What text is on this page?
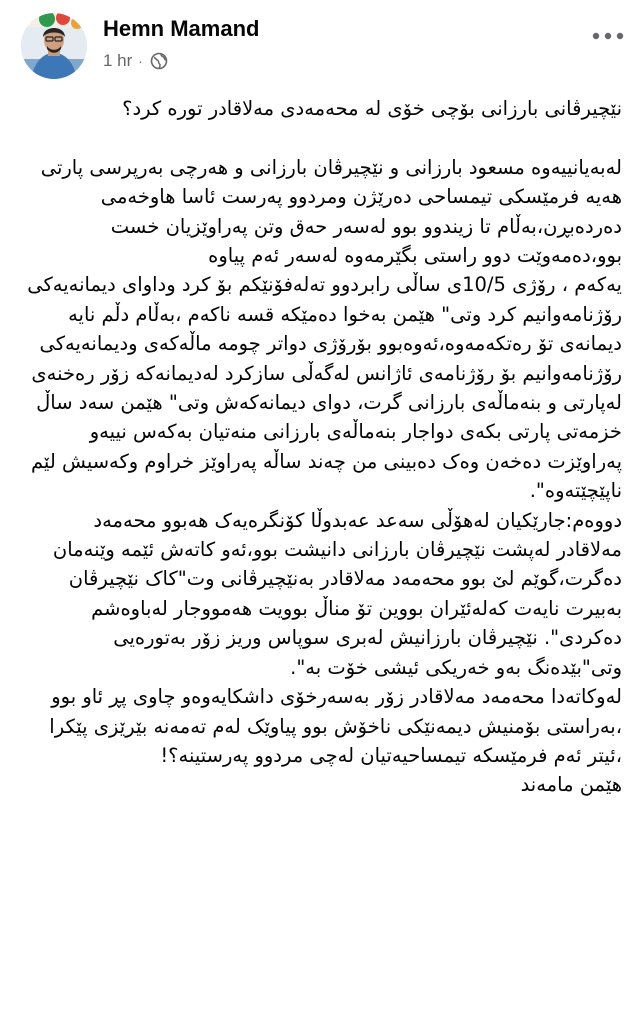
Hemn Mamand
1 hr ·

نێچیرڤانی بارزانی بۆچی خۆی لە محەمەدی مەلاقادر تورە کرد؟

لەبەیانییەوە مسعود بارزانی و نێچیرڤان بارزانی و هەرچی بەرپرسی پارتی هەیە فرمێسکی تیمساحی دەرێژن ومردوو پەرست ئاسا هاوخەمی دەردەبڕن،بەڵام تا زیندوو بوو لەسەر حەق وتن پەراوێزیان خست بوو،دەمەوێت دوو راستی بگێرمەوە لەسەر ئەم پیاوە

یەکەم ، رۆژی 10/5ی ساڵی رابردوو تەلەفۆنێکم بۆ کرد وداوای دیمانەیەکی رۆژنامەوانیم کرد وتی" هێمن بەخوا دەمێکە قسە ناکەم ،بەڵام دڵم نایە دیمانەی تۆ رەتکەمەوە،ئەوەبوو بۆرۆژی دواتر چومە ماڵەکەی ودیمانەیەکی رۆژنامەوانیم بۆ رۆژنامەی ئاژانس لەگەڵی سازکرد لەدیمانەکە زۆر رەخنەی لەپارتی و بنەماڵەی بارزانی گرت، دوای دیمانەکەش وتی" هێمن سەد ساڵ خزمەتی پارتی بکەی دواجار بنەماڵەی بارزانی منەتیان بەکەس نییەو پەراوێزت دەخەن وەک دەبینی من چەند ساڵە پەراوێز خراوم وکەسیش لێم ناپێچێتەوە".

دووەم:جارێکیان لەهۆڵی سەعد عەبدوڵا کۆنگرەیەک هەبوو محەمەد مەلاقادر لەپشت نێچیرڤان بارزانی دانیشت بوو،ئەو کاتەش ئێمە وێنەمان دەگرت،گوێم لێ بوو محەمەد مەلاقادر بەنێچیرڤانی وت"کاک نێچیرڤان بەبیرت نایەت کەلەئێران بووین تۆ مناڵ بوویت هەمووجار لەباوەشم دەکردی". نێچیرڤان بارزانیش لەبری سوپاس وریز زۆر بەتورەیی وتی"بێدەنگ بەو خەریکی ئیشی خۆت بە".

لەوکاتەدا محەمەد مەلاقادر زۆر بەسەرخۆی داشکایەوەو چاوی پڕ ئاو بوو ،بەراستی بۆمنیش دیمەنێکی ناخۆش بوو پیاوێک لەم تەمەنە بێرێزی پێکرا ،ئیتر ئەم فرمێسکە تیمساحیەتیان لەچی مردوو پەرستینە؟!

هێمن مامەند
